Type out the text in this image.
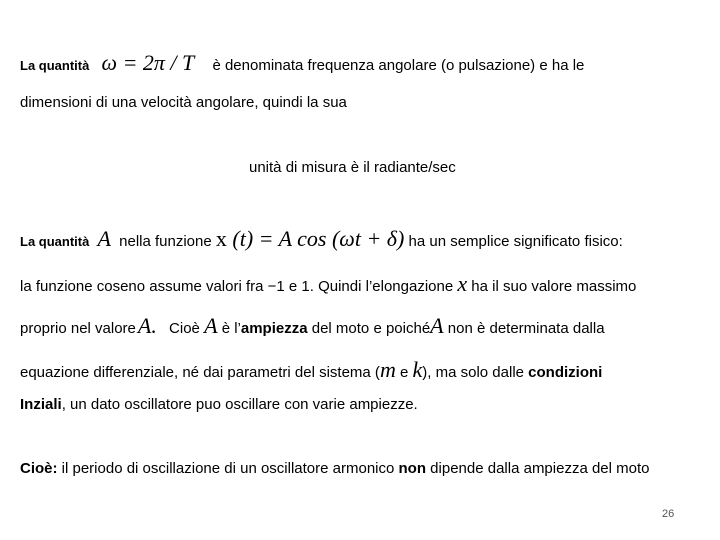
La quantità ω = 2π / T è denominata frequenza angolare (o pulsazione) e ha le
dimensioni di una velocità angolare, quindi la sua
unità di misura è il radiante/sec
La quantità A nella funzione x (t) = A cos (ωt + δ) ha un semplice significato fisico:
la funzione coseno assume valori fra −1 e 1. Quindi l’elongazione x ha il suo valore massimo
proprio nel valoreA. Cioè A è l’ampiezza del moto e poichéA non è determinata dalla
equazione differenziale, né dai parametri del sistema (m e k), ma solo dalle condizioni
Inziali, un dato oscillatore puo oscillare con varie ampiezze.
Cioè: il periodo di oscillazione di un oscillatore armonico non dipende dalla ampiezza del moto
26
